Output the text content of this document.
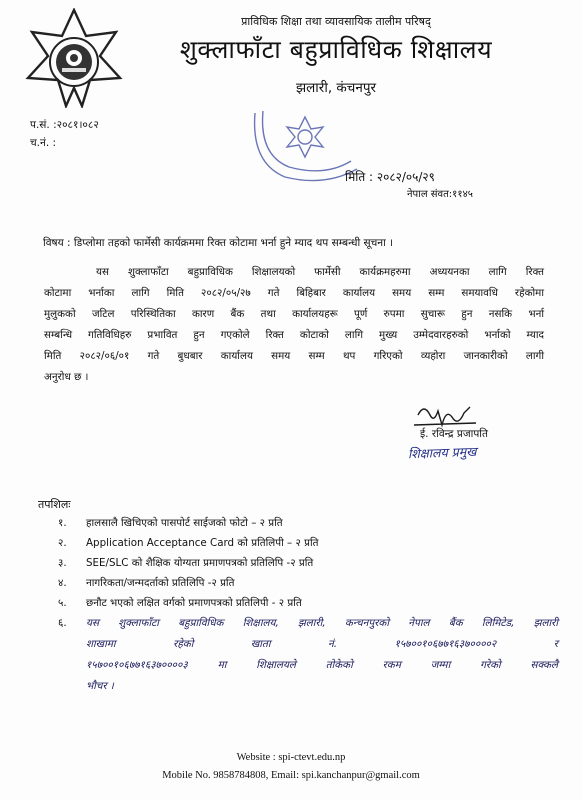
प्राविधिक शिक्षा तथा व्यावसायिक तालीम परिषद्
शुक्लाफाँटा बहुप्राविधिक शिक्षालय
झलारी, कंचनपुर
प.सं. :२०८१।०८२
च.नं. :
मिति : २०८२/०५/२९
नेपाल संवत:११४५
विषय : डिप्लोमा तहको फार्मेसी कार्यक्रममा रिक्त कोटामा भर्ना हुने म्याद थप सम्बन्धी सूचना ।
यस शुक्लाफाँटा बहुप्राविधिक शिक्षालयको फार्मेसी कार्यक्रमहरुमा अध्ययनका लागि रिक्त
कोटामा भर्नाका लागि मिति २०८२/०५/२७ गते बिहिबार कार्यालय समय सम्म समयावधि रहेकोमा
मुलुकको जटिल परिस्थितिका कारण बैंक तथा कार्यालयहरू पूर्ण रुपमा सुचारू हुन नसकि भर्ना
सम्बन्धि गतिविधिहरु प्रभावित हुन गएकोले रिक्त कोटाको लागि मुख्य उम्मेदवारहरुको भर्नाको म्याद
मिति २०८२/०६/०१ गते बुधबार कार्यालय समय सम्म थप गरिएको व्यहोरा जानकारीको लागी
अनुरोध छ ।
ई. रविन्द्र प्रजापति
शिक्षालय प्रमुख
तपशिलः
१. हालसालै खिचिएको पासपोर्ट साईजको फोटो – २ प्रति
२. Application Acceptance Card को प्रतिलिपी – २ प्रति
३. SEE/SLC को शैक्षिक योग्यता प्रमाणपत्रको प्रतिलिपि -२ प्रति
४. नागरिकता/जन्मदर्ताको प्रतिलिपि -२ प्रति
५. छनौट भएको लक्षित वर्गको प्रमाणपत्रको प्रतिलिपी - २ प्रति
६.	यस शुक्लाफाँटा बहुप्राविधिक शिक्षालय, झलारी, कन्चनपुरको नेपाल बैंक लिमिटेड, झलारी
शाखामा रहेको खाता नं. १५७००१०६७७१६३७००००२ र
१५७००१०६७७१६३७००००३ मा शिक्षालयले तोकेको रकम जम्मा गरेको सक्कलै
भौचर ।
Website : spi-ctevt.edu.np
Mobile No. 9858784808, Email: spi.kanchanpur@gmail.com
